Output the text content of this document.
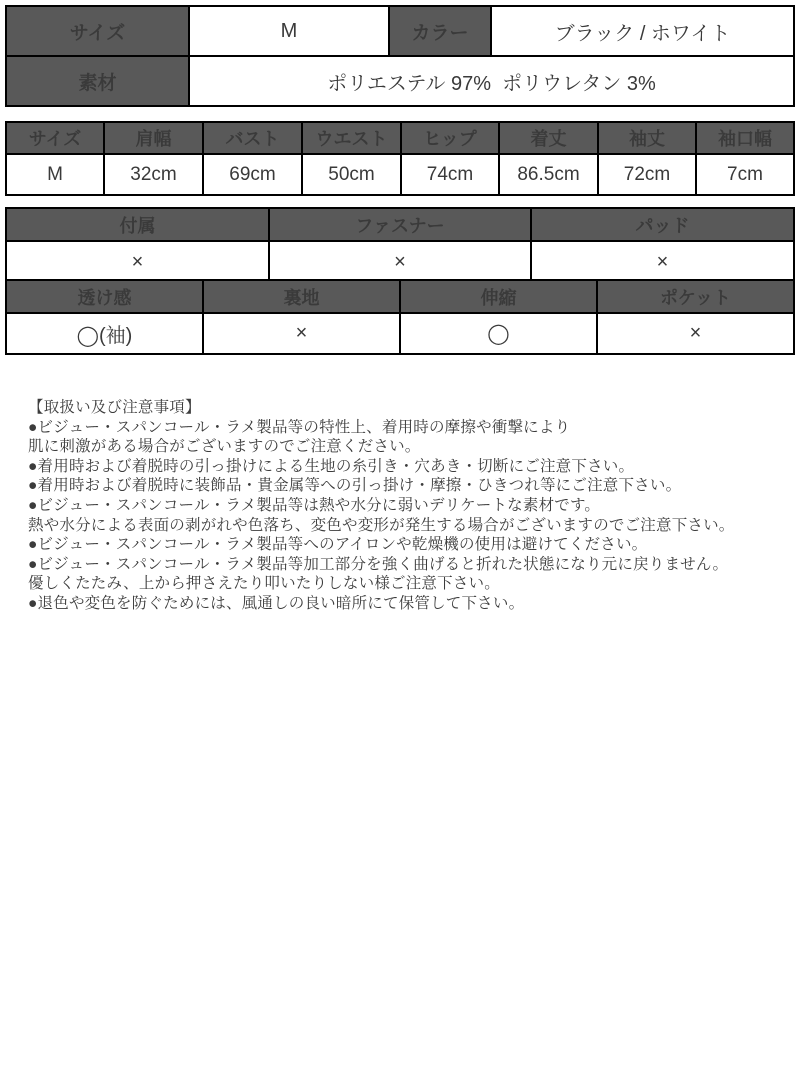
サイズ	M	カラー	ブラック / ホワイト
素材	ポリエステル 97%  ポリウレタン 3%		
サイズ	肩幅	バスト	ウエスト	ヒップ	着丈	袖丈	袖口幅
M	32cm	69cm	50cm	74cm	86.5cm	72cm	7cm
付属	ファスナー	パッド
×	×	×
透け感	裏地	伸縮	ポケット
◯(袖)	×	◯	×
【取扱い及び注意事項】
●ビジュー・スパンコール・ラメ製品等の特性上、着用時の摩擦や衝撃により
肌に刺激がある場合がございますのでご注意ください。
●着用時および着脱時の引っ掛けによる生地の糸引き・穴あき・切断にご注意下さい。
●着用時および着脱時に装飾品・貴金属等への引っ掛け・摩擦・ひきつれ等にご注意下さい。
●ビジュー・スパンコール・ラメ製品等は熱や水分に弱いデリケートな素材です。
熱や水分による表面の剥がれや色落ち、変色や変形が発生する場合がございますのでご注意下さい。
●ビジュー・スパンコール・ラメ製品等へのアイロンや乾燥機の使用は避けてください。
●ビジュー・スパンコール・ラメ製品等加工部分を強く曲げると折れた状態になり元に戻りません。
優しくたたみ、上から押さえたり叩いたりしない様ご注意下さい。
●退色や変色を防ぐためには、風通しの良い暗所にて保管して下さい。
